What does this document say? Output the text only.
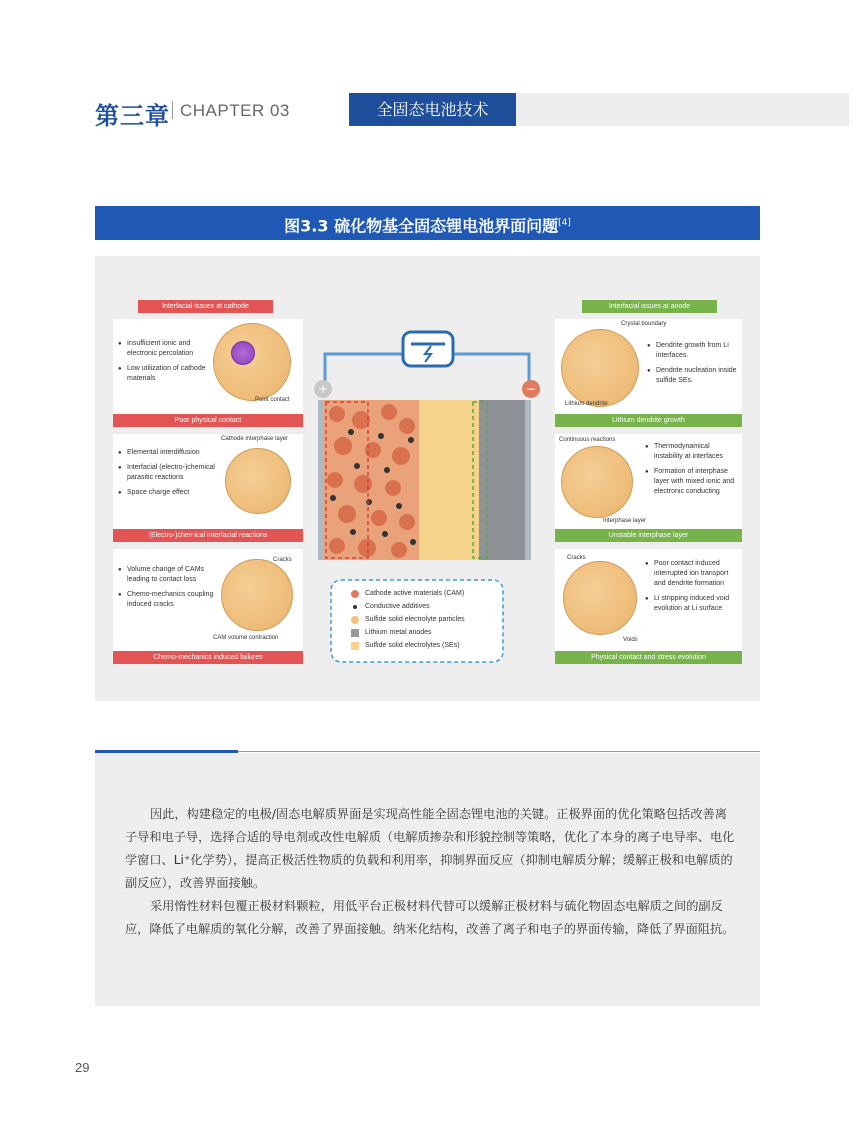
第三章 CHAPTER 03	全固态电池技术
图3.3 硫化物基全固态锂电池界面问题[4]
Interfacial issues at cathode
● Insufficient ionic and electronic percolation
● Low utilization of cathode materials
Point contact
Poor physical contact
● Elemental interdiffusion
● Interfacial (electro-)chemical parasitic reactions
● Space charge effect
Cathode interphase layer
(Electro-)chemical interfacial reactions
● Volume change of CAMs leading to contact loss
● Chemo-mechanics coupling induced cracks
Cracks
CAM volume contraction
Chemo-mechanics induced failures
Interfacial issues at anode
Crystal boundary
● Dendrite growth from Li interfaces.
● Dendrite nucleation inside sulfide SEs.
Lithium dendrite
Lithium dendrite growth
Continuous reactions
● Thermodynamical instability at interfaces
● Formation of interphase layer with mixed ionic and electronic conducting
Interphase layer
Unstable interphase layer
Cracks
● Poor contact induced interrupted ion transport and dendrite formation
● Li stripping induced void evolution at Li surface
Voids
Physical contact and stress evolution
+	−
Cathode active materials (CAM)
Conductive additives
Sulfide solid electrolyte particles
Lithium metal anodes
Sulfide solid electrolytes (SEs)

因此，构建稳定的电极/固态电解质界面是实现高性能全固态锂电池的关键。正极界面的优化策略包括改善离子导和电子导，选择合适的导电剂或改性电解质（电解质掺杂和形貌控制等策略，优化了本身的离子电导率、电化学窗口、Li⁺化学势），提高正极活性物质的负载和利用率，抑制界面反应（抑制电解质分解；缓解正极和电解质的副反应），改善界面接触。

采用惰性材料包覆正极材料颗粒，用低平台正极材料代替可以缓解正极材料与硫化物固态电解质之间的副反应，降低了电解质的氧化分解，改善了界面接触。纳米化结构，改善了离子和电子的界面传输，降低了界面阻抗。

29
